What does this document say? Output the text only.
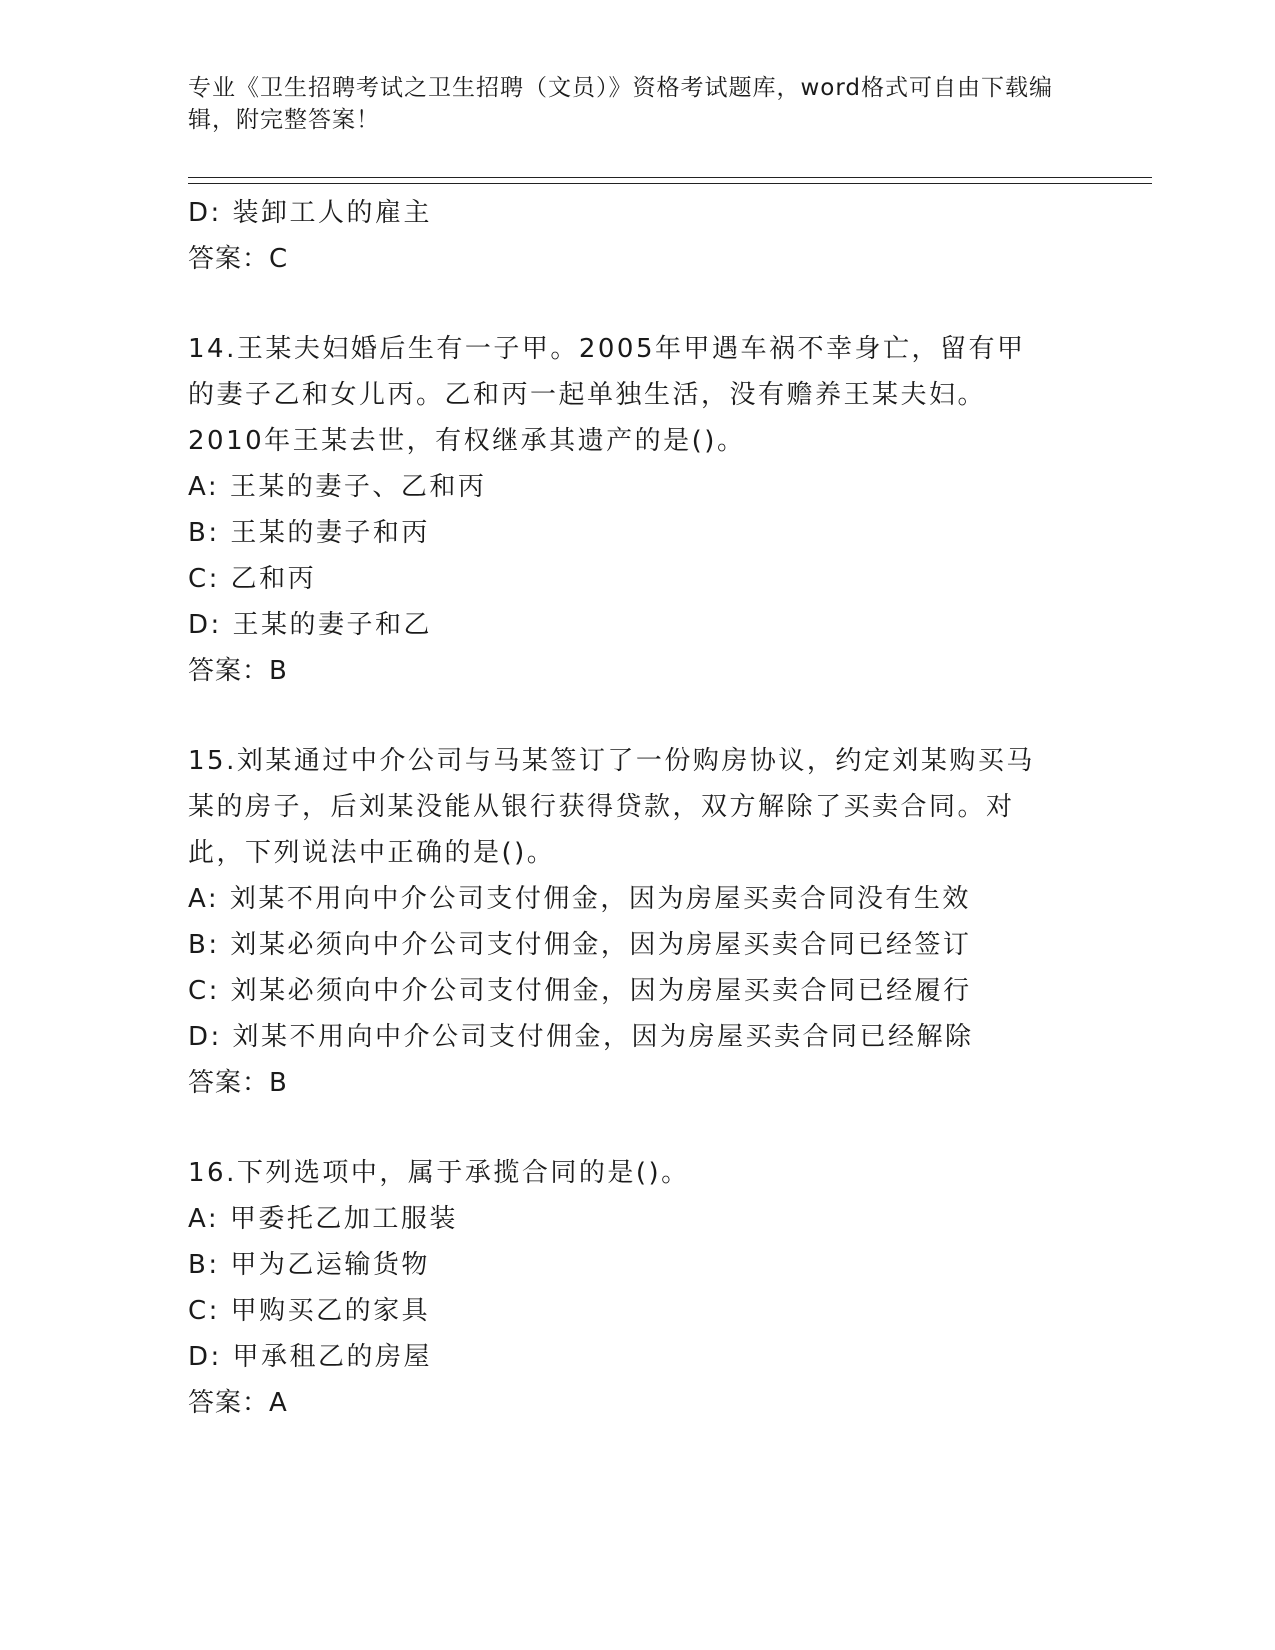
专业《卫生招聘考试之卫生招聘（文员）》资格考试题库，word格式可自由下载编辑，附完整答案！
D: 装卸工人的雇主
答案：C
14.王某夫妇婚后生有一子甲。2005年甲遇车祸不幸身亡，留有甲的妻子乙和女儿丙。乙和丙一起单独生活，没有赡养王某夫妇。2010年王某去世，有权继承其遗产的是()。
A: 王某的妻子、乙和丙
B: 王某的妻子和丙
C: 乙和丙
D: 王某的妻子和乙
答案：B
15.刘某通过中介公司与马某签订了一份购房协议，约定刘某购买马某的房子，后刘某没能从银行获得贷款，双方解除了买卖合同。对此，下列说法中正确的是()。
A: 刘某不用向中介公司支付佣金，因为房屋买卖合同没有生效
B: 刘某必须向中介公司支付佣金，因为房屋买卖合同已经签订
C: 刘某必须向中介公司支付佣金，因为房屋买卖合同已经履行
D: 刘某不用向中介公司支付佣金，因为房屋买卖合同已经解除
答案：B
16.下列选项中，属于承揽合同的是()。
A: 甲委托乙加工服装
B: 甲为乙运输货物
C: 甲购买乙的家具
D: 甲承租乙的房屋
答案：A
